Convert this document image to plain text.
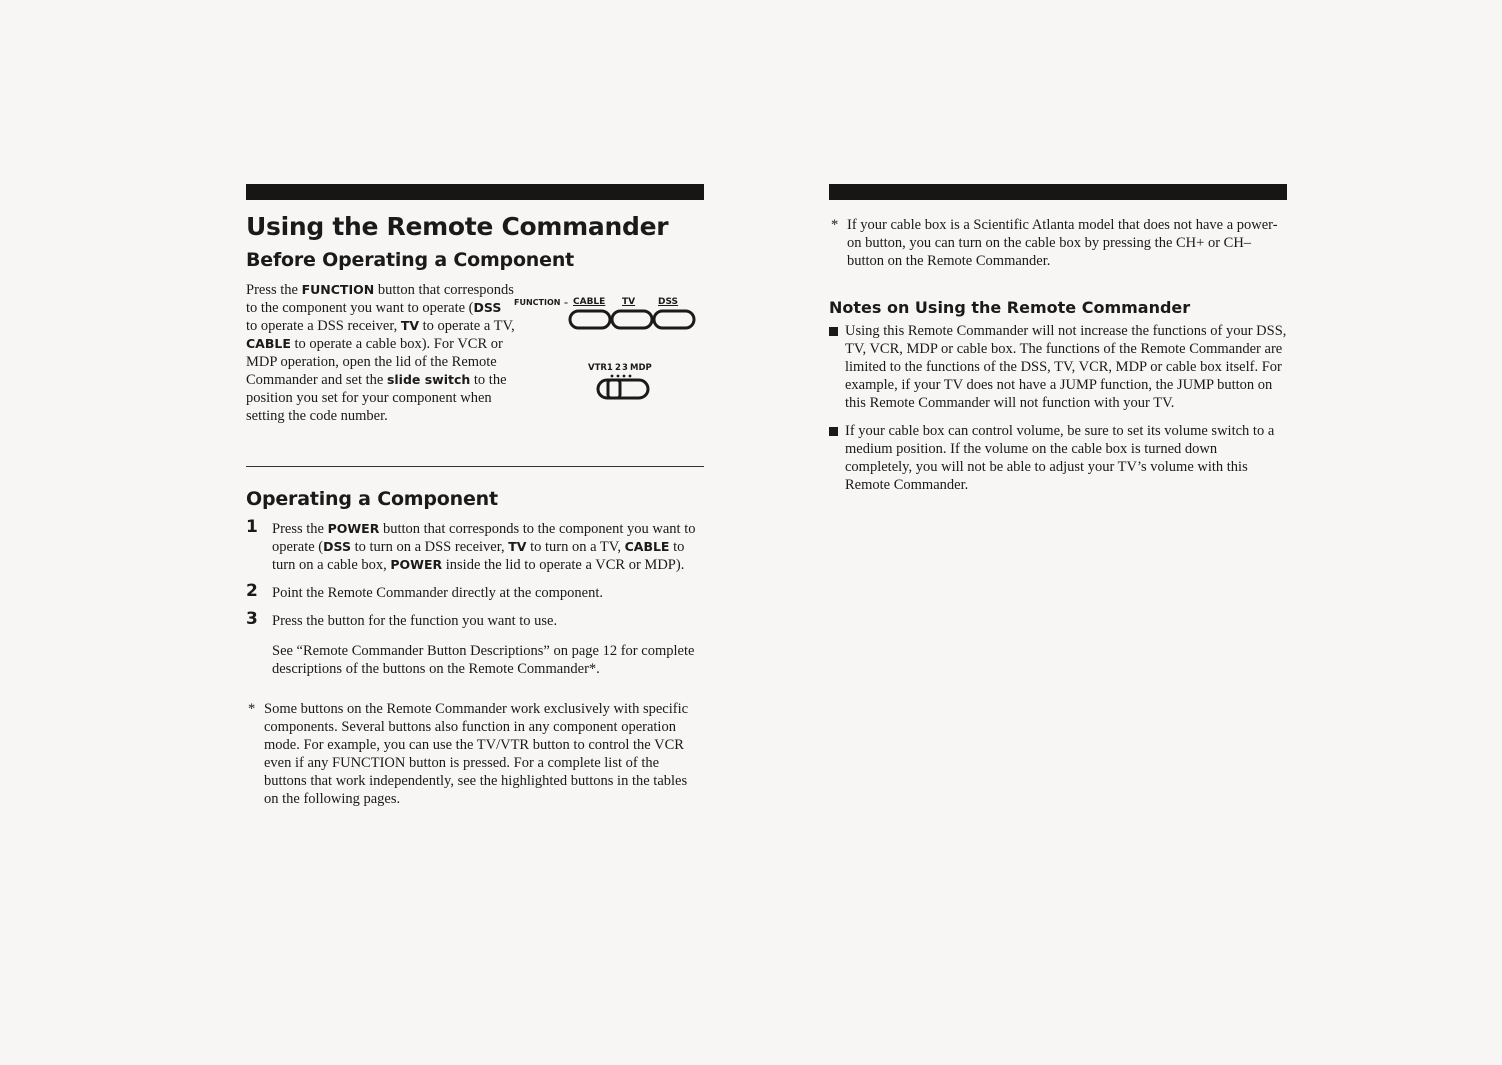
Using the Remote Commander
Before Operating a Component
Press the FUNCTION button that corresponds to the component you want to operate (DSS to operate a DSS receiver, TV to operate a TV, CABLE to operate a cable box). For VCR or MDP operation, open the lid of the Remote Commander and set the slide switch to the position you set for your component when setting the code number.
FUNCTION – CABLE TV	DSS
VTR1 2 3 MDP
Operating a Component
1 Press the POWER button that corresponds to the component you want to operate (DSS to turn on a DSS receiver, TV to turn on a TV, CABLE to turn on a cable box, POWER inside the lid to operate a VCR or MDP).
2 Point the Remote Commander directly at the component.
3 Press the button for the function you want to use.
See “Remote Commander Button Descriptions” on page 12 for complete descriptions of the buttons on the Remote Commander*.
* Some buttons on the Remote Commander work exclusively with specific components. Several buttons also function in any component operation mode. For example, you can use the TV/VTR button to control the VCR even if any FUNCTION button is pressed. For a complete list of the buttons that work independently, see the highlighted buttons in the tables on the following pages.
* If your cable box is a Scientific Atlanta model that does not have a power-on button, you can turn on the cable box by pressing the CH+ or CH– button on the Remote Commander.
Notes on Using the Remote Commander
Using this Remote Commander will not increase the functions of your DSS, TV, VCR, MDP or cable box. The functions of the Remote Commander are limited to the functions of the DSS, TV, VCR, MDP or cable box itself. For example, if your TV does not have a JUMP function, the JUMP button on this Remote Commander will not function with your TV.
If your cable box can control volume, be sure to set its volume switch to a medium position. If the volume on the cable box is turned down completely, you will not be able to adjust your TV’s volume with this Remote Commander.
